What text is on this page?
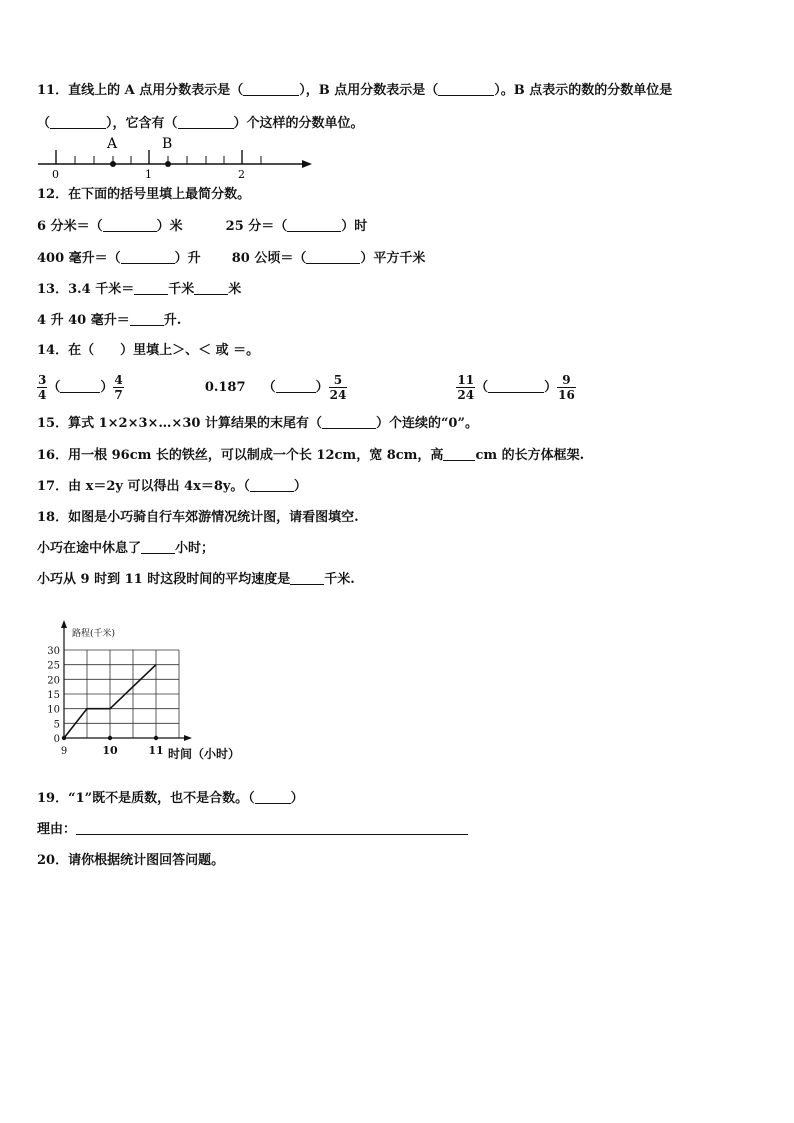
11．直线上的 A 点用分数表示是（	），B 点用分数表示是（	）。B 点表示的数的分数单位是
（	），它含有（	）个这样的分数单位。
A	B
0	1	2
12．在下面的括号里填上最简分数。
6 分米＝（	）米	25 分＝（	）时
400 毫升＝（	）升 80 公顷＝（	）平方千米
13．3.4 千米＝	千米	米
4 升 40 毫升＝	升.
14．在（　　）里填上＞、＜ 或 ＝。
$\frac{3}{4}$ （	） $\frac{4}{7}$	0.187 （	） $\frac{5}{24}$
	$\frac{11}{24}$ （	） $\frac{9}{16}$
15．算式 1×2×3×…×30 计算结果的末尾有（	）个连续的“0”。
16．用一根 96cm 长的铁丝，可以制成一个长 12cm，宽 8cm，高 cm 的长方体框架.
17．由 x＝2y 可以得出 4x＝8y。（	）
18．如图是小巧骑自行车郊游情况统计图，请看图填空.
小巧在途中休息了	小时；
小巧从 9 时到 11 时这段时间的平均速度是	千米.
路程(千米)
0
5
10
15
20
25
30
9	10	11 时间（小时）
19．“1”既不是质数，也不是合数。（	）
理由：
20．请你根据统计图回答问题。
